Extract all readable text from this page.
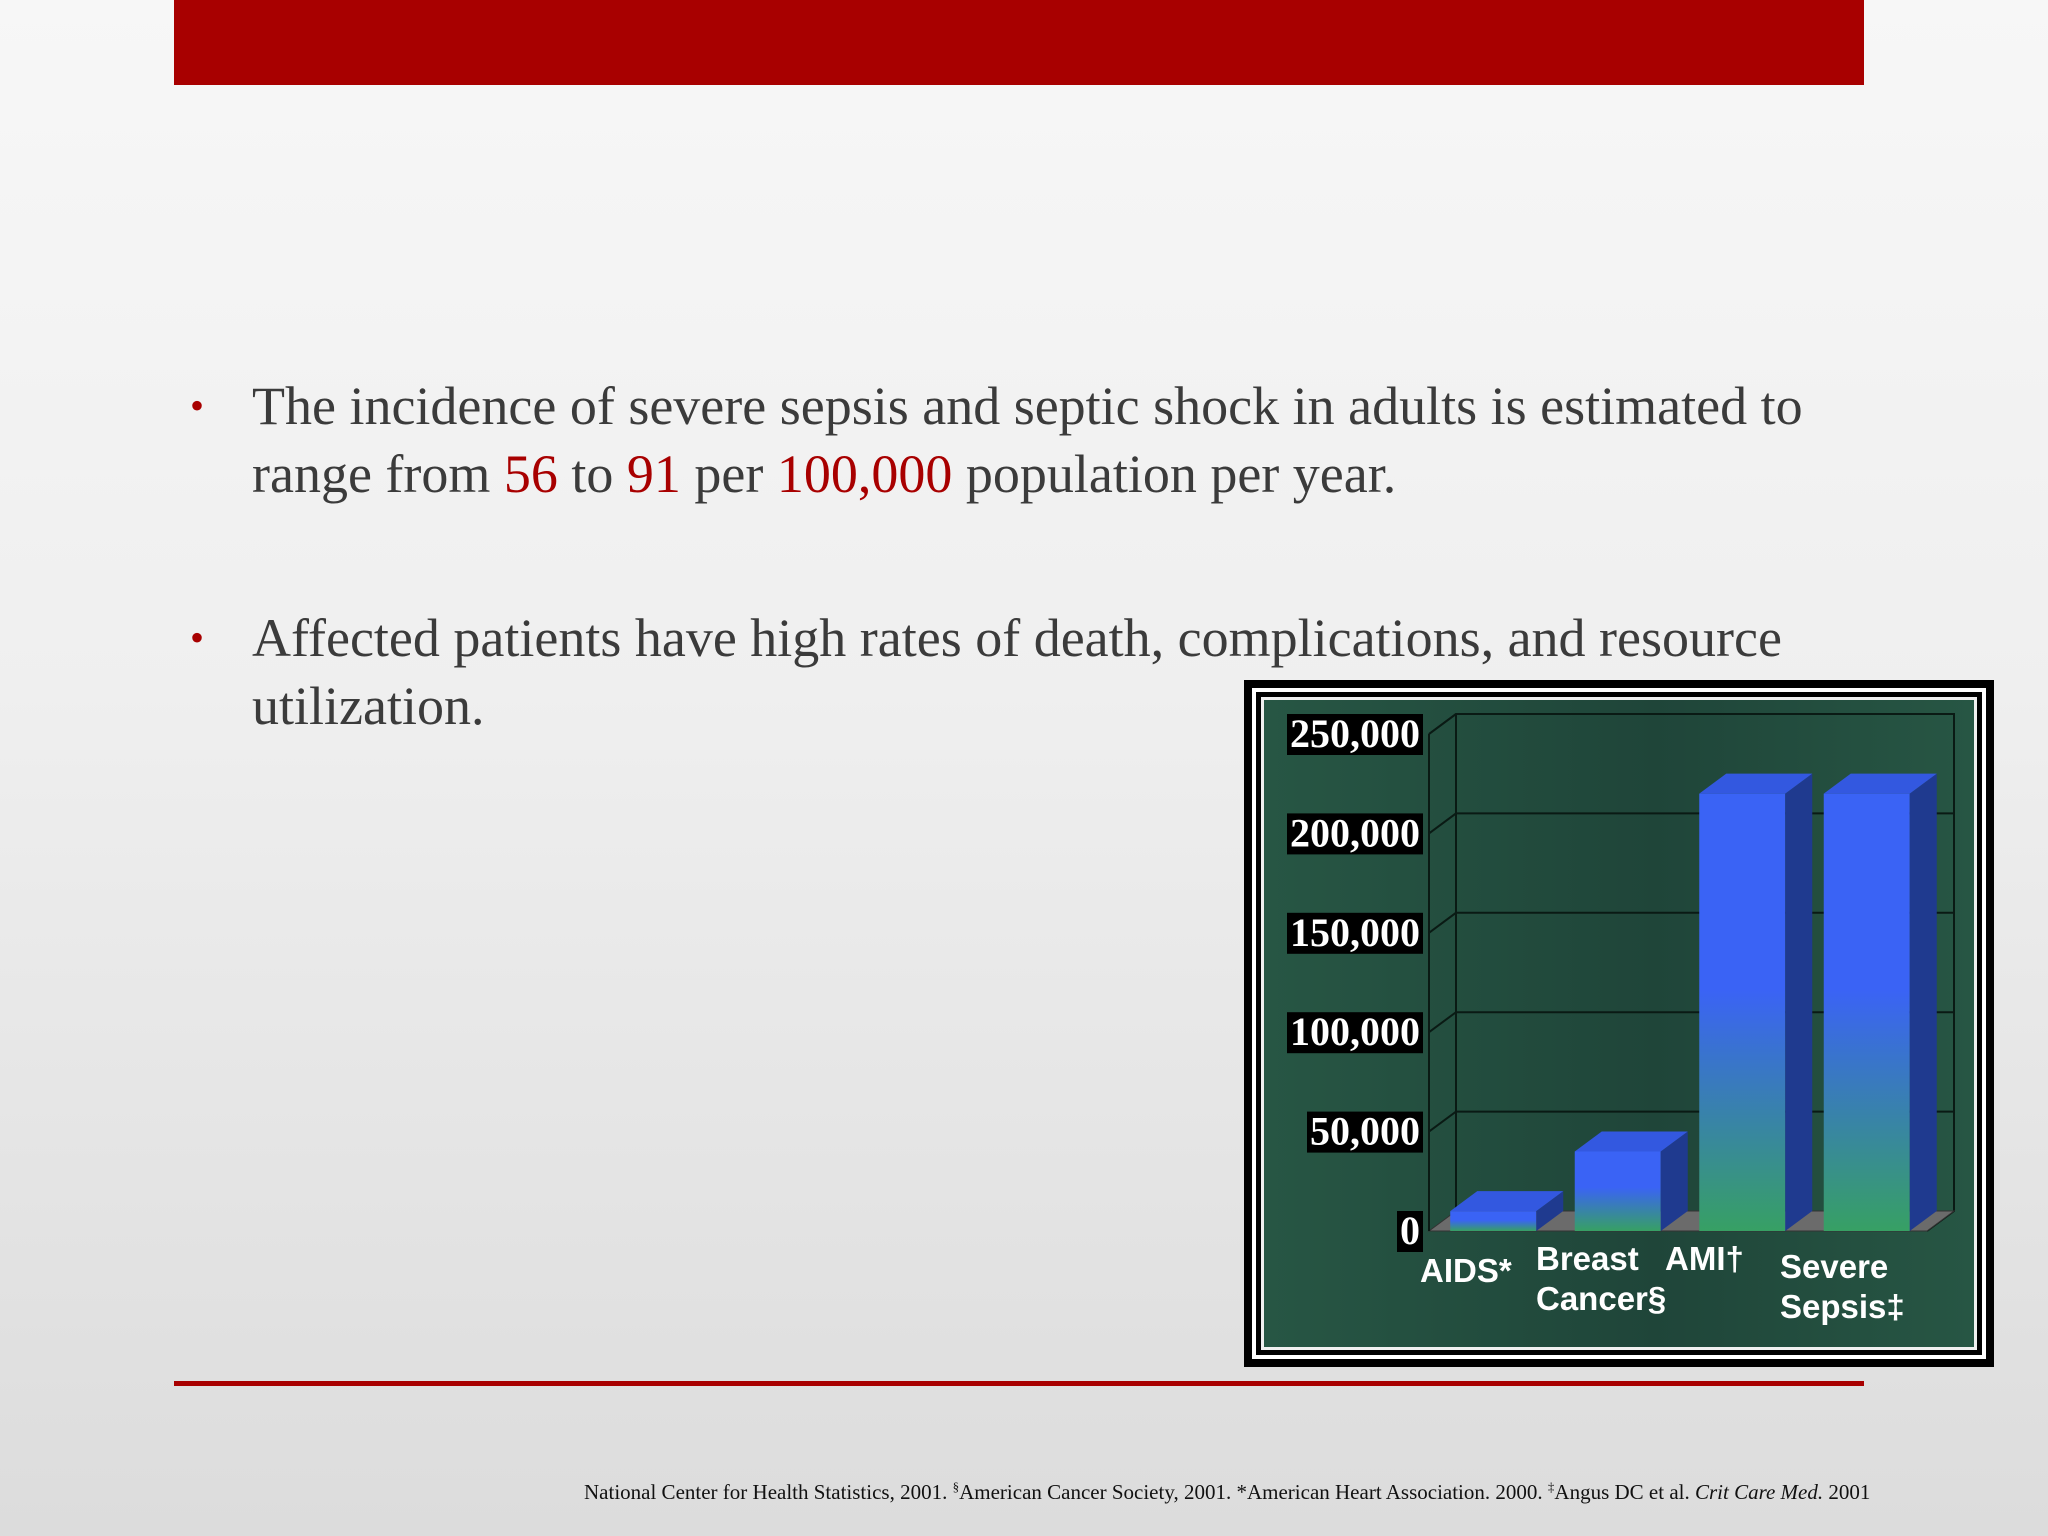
• The incidence of severe sepsis and septic shock in adults is estimated to range from 56 to 91 per 100,000 population per year.
• Affected patients have high rates of death, complications, and resource utilization.
0
50,000
100,000
150,000
200,000
250,000
AIDS* Breast
Cancer§
AMI† Severe
Sepsis‡
National Center for Health Statistics, 2001. §American Cancer Society, 2001. *American Heart Association. 2000. ‡Angus DC et al. Crit Care Med. 2001
